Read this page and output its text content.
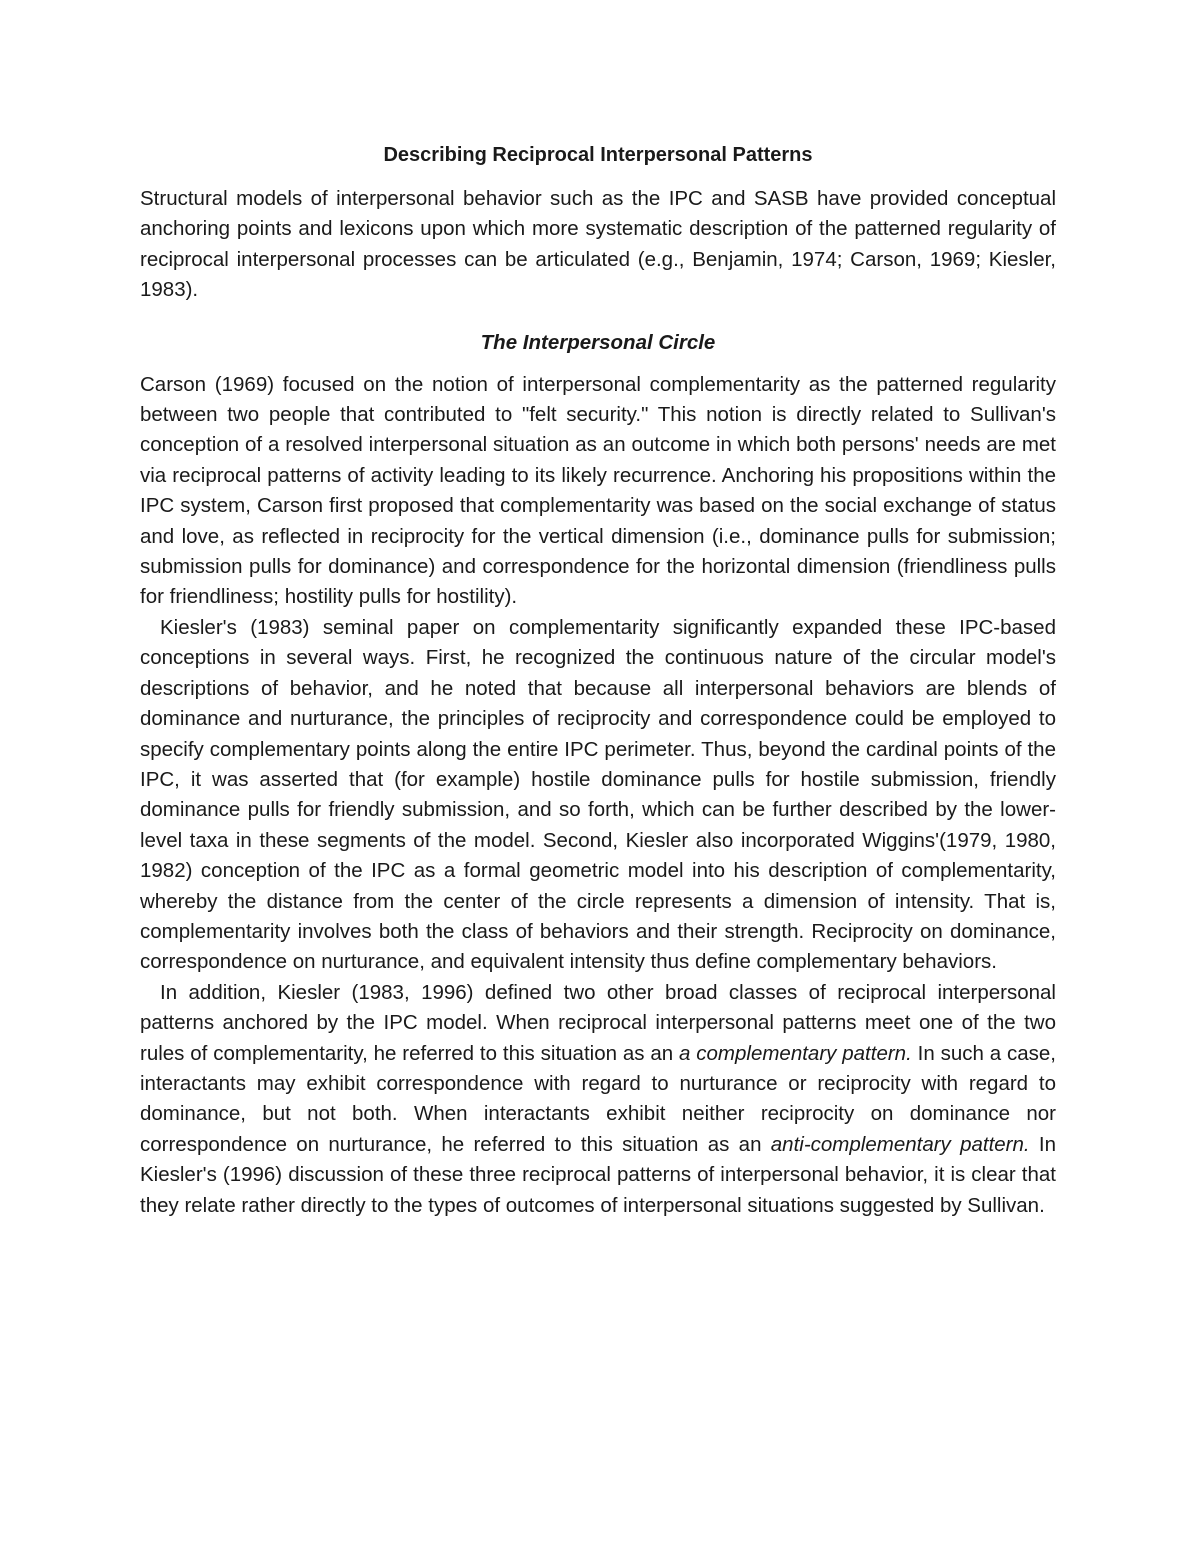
Describing Reciprocal Interpersonal Patterns

Structural models of interpersonal behavior such as the IPC and SASB have provided conceptual anchoring points and lexicons upon which more systematic description of the patterned regularity of reciprocal interpersonal processes can be articulated (e.g., Benjamin, 1974; Carson, 1969; Kiesler, 1983).

The Interpersonal Circle

Carson (1969) focused on the notion of interpersonal complementarity as the patterned regularity between two people that contributed to "felt security." This notion is directly related to Sullivan's conception of a resolved interpersonal situation as an outcome in which both persons' needs are met via reciprocal patterns of activity leading to its likely recurrence. Anchoring his propositions within the IPC system, Carson first proposed that complementarity was based on the social exchange of status and love, as reflected in reciprocity for the vertical dimension (i.e., dominance pulls for submission; submission pulls for dominance) and correspondence for the horizontal dimension (friendliness pulls for friendliness; hostility pulls for hostility).

Kiesler's (1983) seminal paper on complementarity significantly expanded these IPC-based conceptions in several ways. First, he recognized the continuous nature of the circular model's descriptions of behavior, and he noted that because all interpersonal behaviors are blends of dominance and nurturance, the principles of reciprocity and correspondence could be employed to specify complementary points along the entire IPC perimeter. Thus, beyond the cardinal points of the IPC, it was asserted that (for example) hostile dominance pulls for hostile submission, friendly dominance pulls for friendly submission, and so forth, which can be further described by the lower-level taxa in these segments of the model. Second, Kiesler also incorporated Wiggins'(1979, 1980, 1982) conception of the IPC as a formal geometric model into his description of complementarity, whereby the distance from the center of the circle represents a dimension of intensity. That is, complementarity involves both the class of behaviors and their strength. Reciprocity on dominance, correspondence on nurturance, and equivalent intensity thus define complementary behaviors.

In addition, Kiesler (1983, 1996) defined two other broad classes of reciprocal interpersonal patterns anchored by the IPC model. When reciprocal interpersonal patterns meet one of the two rules of complementarity, he referred to this situation as an a complementary pattern. In such a case, interactants may exhibit correspondence with regard to nurturance or reciprocity with regard to dominance, but not both. When interactants exhibit neither reciprocity on dominance nor correspondence on nurturance, he referred to this situation as an anti-complementary pattern. In Kiesler's (1996) discussion of these three reciprocal patterns of interpersonal behavior, it is clear that they relate rather directly to the types of outcomes of interpersonal situations suggested by Sullivan.
